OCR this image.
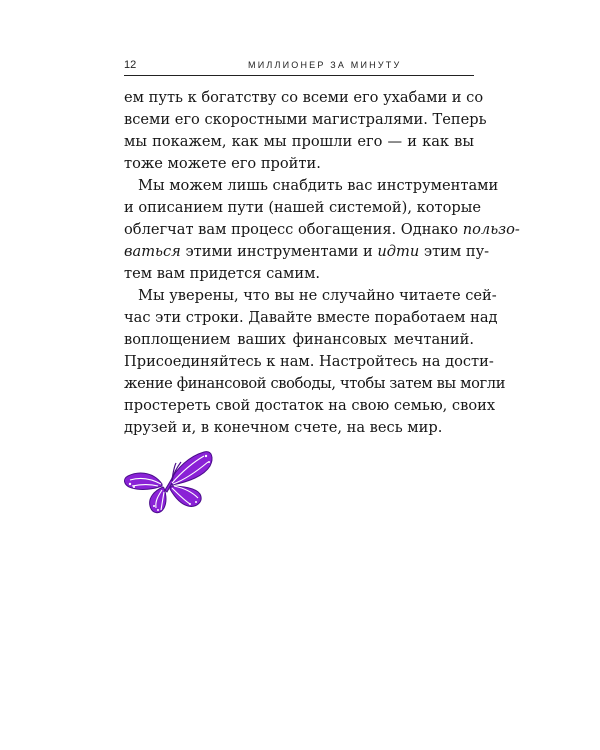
12	МИЛЛИОНЕР ЗА МИНУТУ

ем путь к богатству со всеми его ухабами и со
всеми его скоростными магистралями. Теперь
мы покажем, как мы прошли его — и как вы
тоже можете его пройти.

Мы можем лишь снабдить вас инструментами
и описанием пути (нашей системой), которые
облегчат вам процесс обогащения. Однако пользо-
ваться этими инструментами и идти этим пу-
тем вам придется самим.

Мы уверены, что вы не случайно читаете сей-
час эти строки. Давайте вместе поработаем над
воплощением ваших финансовых мечтаний.
Присоединяйтесь к нам. Настройтесь на дости-
жение финансовой свободы, чтобы затем вы могли
простереть свой достаток на свою семью, своих
друзей и, в конечном счете, на весь мир.
